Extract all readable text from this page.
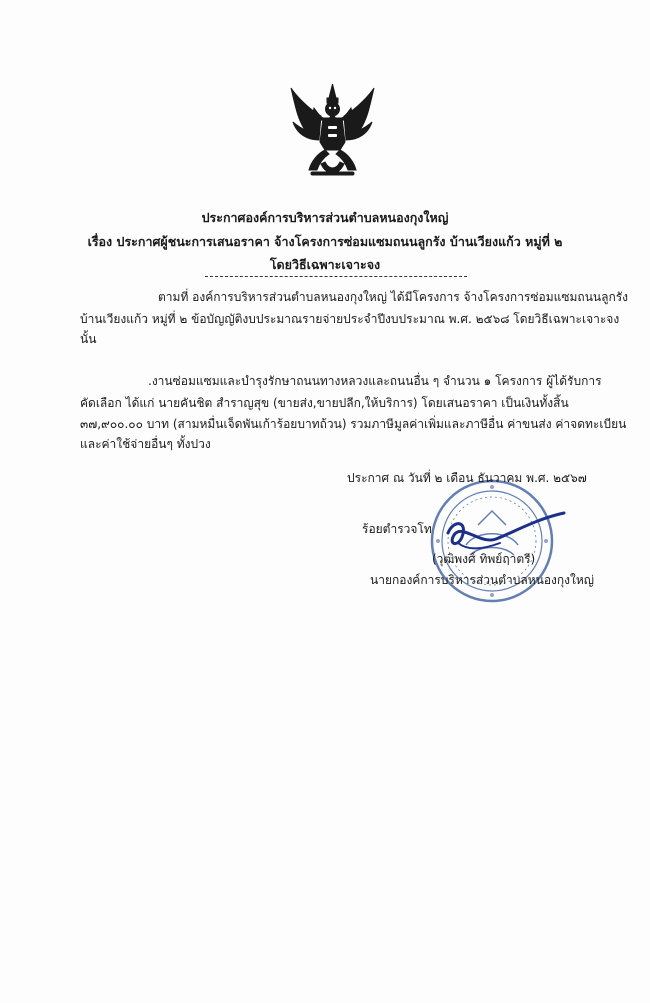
ประกาศองค์การบริหารส่วนตำบลหนองกุงใหญ่
เรื่อง ประกาศผู้ชนะการเสนอราคา จ้างโครงการซ่อมแซมถนนลูกรัง บ้านเวียงแก้ว หมู่ที่ ๒
โดยวิธีเฉพาะเจาะจง
ตามที่ องค์การบริหารส่วนตำบลหนองกุงใหญ่ ได้มีโครงการ จ้างโครงการซ่อมแซมถนนลูกรัง
บ้านเวียงแก้ว หมู่ที่ ๒ ข้อบัญญัติงบประมาณรายจ่ายประจำปีงบประมาณ พ.ศ. ๒๕๖๘ โดยวิธีเฉพาะเจาะจง
นั้น
.งานซ่อมแซมและบำรุงรักษาถนนทางหลวงและถนนอื่น ๆ จำนวน ๑ โครงการ ผู้ได้รับการ
คัดเลือก ได้แก่ นายคันชิต สำราญสุข (ขายส่ง,ขายปลีก,ให้บริการ) โดยเสนอราคา เป็นเงินทั้งสิ้น
๓๗,๙๐๐.๐๐ บาท (สามหมื่นเจ็ดพันเก้าร้อยบาทถ้วน) รวมภาษีมูลค่าเพิ่มและภาษีอื่น ค่าขนส่ง ค่าจดทะเบียน
และค่าใช้จ่ายอื่นๆ ทั้งปวง
ประกาศ ณ วันที่ ๒ เดือน ธันวาคม พ.ศ. ๒๕๖๗
ร้อยตำรวจโท
(วุฒิพงศ์ ทิพย์ฤาตรี)
นายกองค์การบริหารส่วนตำบลหนองกุงใหญ่
